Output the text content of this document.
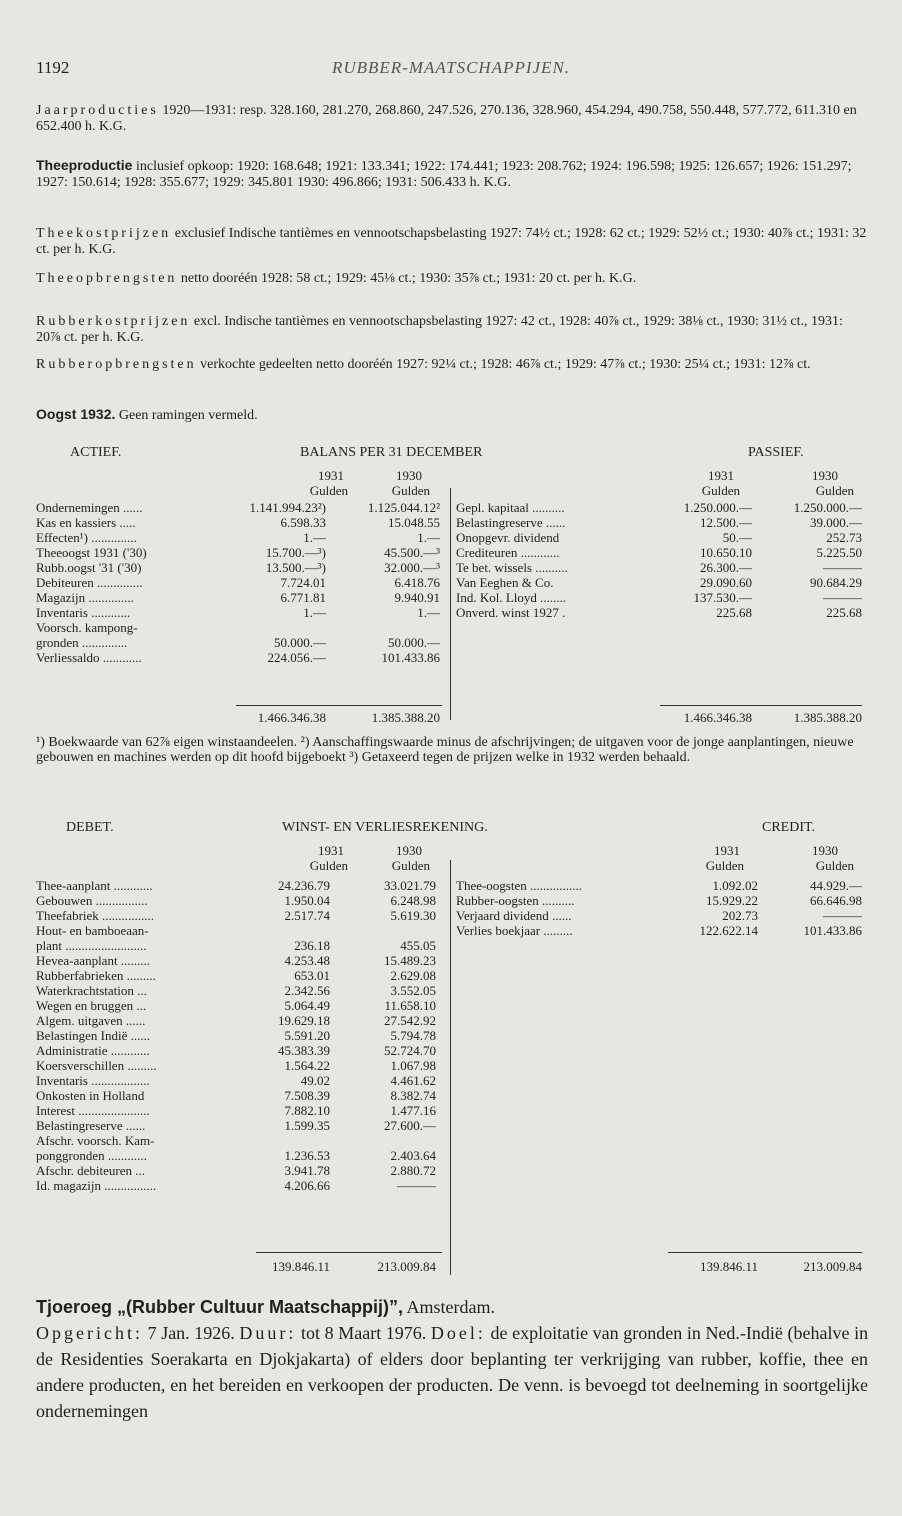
1192	RUBBER-MAATSCHAPPIJEN.
Jaarproducties 1920—1931: resp. 328.160, 281.270, 268.860, 247.526, 270.136, 328.960, 454.294, 490.758, 550.448, 577.772, 611.310 en 652.400 h. K.G.
Theeproductie inclusief opkoop: 1920: 168.648; 1921: 133.341; 1922: 174.441; 1923: 208.762; 1924: 196.598; 1925: 126.657; 1926: 151.297; 1927: 150.614; 1928: 355.677; 1929: 345.801 1930: 496.866; 1931: 506.433 h. K.G.
Theekostprijzen exclusief Indische tantièmes en vennootschapsbelasting 1927: 74½ ct.; 1928: 62 ct.; 1929: 52½ ct.; 1930: 40⅞ ct.; 1931: 32 ct. per h. K.G.
Theeopbrengsten netto dooréén 1928: 58 ct.; 1929: 45⅛ ct.; 1930: 35⅞ ct.; 1931: 20 ct. per h. K.G.
Rubberkostprijzen excl. Indische tantièmes en vennootschapsbelasting 1927: 42 ct., 1928: 40⅞ ct., 1929: 38⅛ ct., 1930: 31½ ct., 1931: 20⅞ ct. per h. K.G.
Rubberopbrengsten verkochte gedeelten netto dooréén 1927: 92¼ ct.; 1928: 46⅞ ct.; 1929: 47⅞ ct.; 1930: 25¼ ct.; 1931: 12⅞ ct.
Oogst 1932. Geen ramingen vermeld.
ACTIEF.	BALANS PER 31 DECEMBER	PASSIEF.
1931	1930
Gulden	Gulden
1931	1930
Gulden	Gulden
Ondernemingen ......	1.141.994.23²)	1.125.044.12²
Kas en kassiers .....	6.598.33	15.048.55
Effecten¹) ..............	1.—	1.—
Theeoogst 1931 ('30)	15.700.—³)	45.500.—³
Rubb.oogst '31 ('30)	13.500.—³)	32.000.—³
Debiteuren ..............	7.724.01	6.418.76
Magazijn ..............	6.771.81	9.940.91
Inventaris ............	1.—	1.—
Voorsch. kampong-
gronden ..............	50.000.—	50.000.—
Verliessaldo ............	224.056.—	101.433.86
Gepl. kapitaal ..........	1.250.000.—	1.250.000.—
Belastingreserve ......	12.500.—	39.000.—
Onopgevr. dividend	50.—	252.73
Crediteuren ............	10.650.10	5.225.50
Te bet. wissels ..........	26.300.—	———
Van Eeghen & Co.	29.090.60	90.684.29
Ind. Kol. Lloyd ........	137.530.—	———
Onverd. winst 1927 .	225.68	225.68
1.466.346.38	1.385.388.20	1.466.346.38	1.385.388.20
¹) Boekwaarde van 62⅞ eigen winstaandeelen. ²) Aanschaffingswaarde minus de afschrijvingen; de uitgaven voor de jonge aanplantingen, nieuwe gebouwen en machines werden op dit hoofd bijgeboekt ³) Getaxeerd tegen de prijzen welke in 1932 werden behaald.
DEBET.	WINST- EN VERLIESREKENING.	CREDIT.
1931	1930
Gulden	Gulden
1931	1930
Gulden	Gulden
Thee-aanplant ............	24.236.79	33.021.79
Gebouwen ................	1.950.04	6.248.98
Theefabriek ................	2.517.74	5.619.30
Hout- en bamboeaan-
plant .........................	236.18	455.05
Hevea-aanplant .........	4.253.48	15.489.23
Rubberfabrieken .........	653.01	2.629.08
Waterkrachtstation ...	2.342.56	3.552.05
Wegen en bruggen ...	5.064.49	11.658.10
Algem. uitgaven ......	19.629.18	27.542.92
Belastingen Indië ......	5.591.20	5.794.78
Administratie ............	45.383.39	52.724.70
Koersverschillen .........	1.564.22	1.067.98
Inventaris ..................	49.02	4.461.62
Onkosten in Holland	7.508.39	8.382.74
Interest ......................	7.882.10	1.477.16
Belastingreserve ......	1.599.35	27.600.—
Afschr. voorsch. Kam-
ponggronden ............	1.236.53	2.403.64
Afschr. debiteuren ...	3.941.78	2.880.72
Id. magazijn ................	4.206.66	———
Thee-oogsten ................	1.092.02	44.929.—
Rubber-oogsten ..........	15.929.22	66.646.98
Verjaard dividend ......	202.73	———
Verlies boekjaar .........	122.622.14	101.433.86
139.846.11	213.009.84	139.846.11	213.009.84
Tjoeroeg „(Rubber Cultuur Maatschappij)”, Amsterdam.
Opgericht: 7 Jan. 1926. Duur: tot 8 Maart 1976. Doel: de exploitatie van gronden in Ned.-Indië (behalve in de Residenties Soerakarta en Djokjakarta) of elders door beplanting ter verkrijging van rubber, koffie, thee en andere producten, en het bereiden en verkoopen der producten. De venn. is bevoegd tot deelneming in soortgelijke ondernemingen
